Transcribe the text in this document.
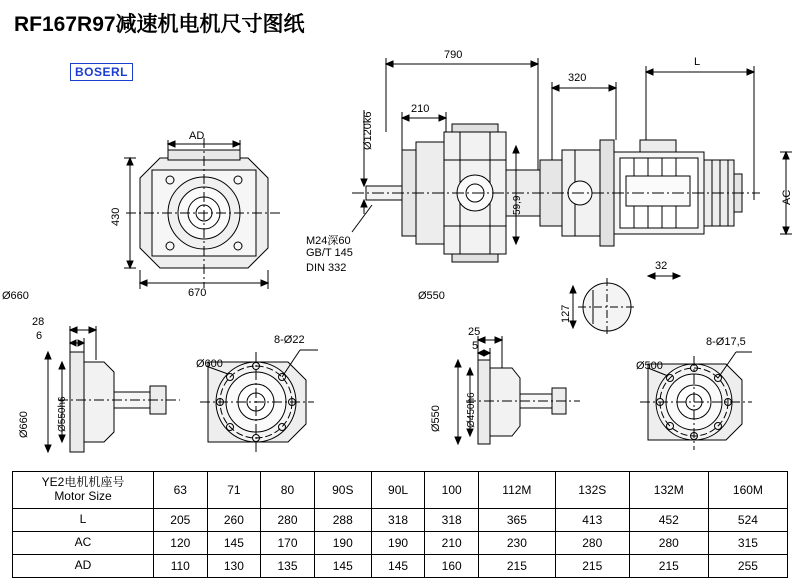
RF167R97减速机电机尺寸图纸
BOSERL
AD
430
670
790
320
L
210
Ø120k6
59,9	AC
M24深60
GB/T 145
DIN 332
Ø660	Ø550
32
127
28
6
Ø660	Ø550h6
Ø600
8-Ø22
25
5
Ø550 Ø450h6
Ø500
8-Ø17,5
YE2电机机座号
Motor Size	63	71	80	90S	90L	100	112M	132S	132M	160M
L	205	260	280	288	318	318	365	413	452	524
AC	120	145	170	190	190	210	230	280	280	315
AD	110	130	135	145	145	160	215	215	215	255
